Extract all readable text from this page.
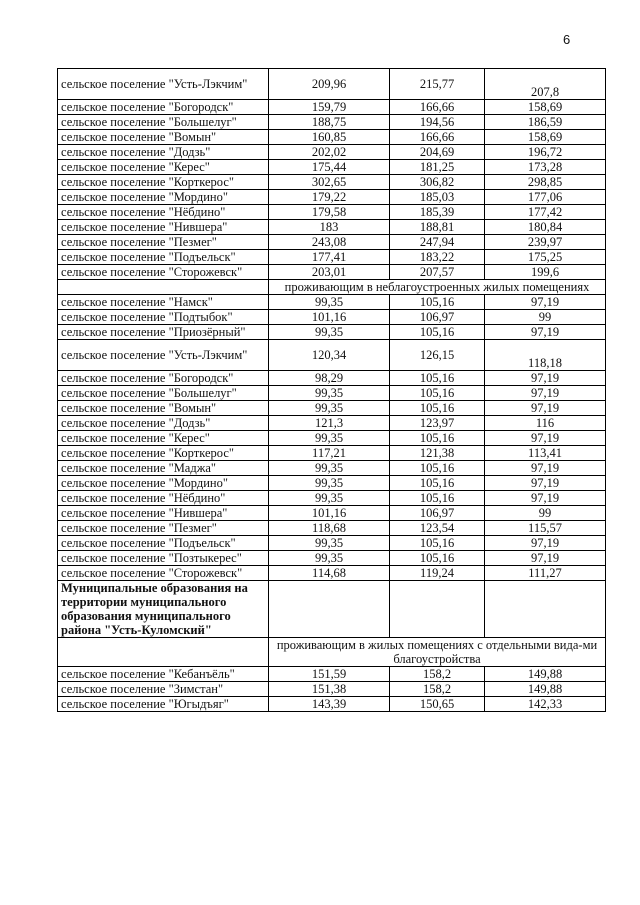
6
сельское поселение "Усть-Лэкчим"	209,96	215,77	207,8
сельское поселение "Богородск"	159,79	166,66	158,69
сельское поселение "Большелуг"	188,75	194,56	186,59
сельское поселение "Вомын"	160,85	166,66	158,69
сельское поселение "Додзь"	202,02	204,69	196,72
сельское поселение "Керес"	175,44	181,25	173,28
сельское поселение "Корткерос"	302,65	306,82	298,85
сельское поселение "Мордино"	179,22	185,03	177,06
сельское поселение "Нёбдино"	179,58	185,39	177,42
сельское поселение "Нившера"	183	188,81	180,84
сельское поселение "Пезмег"	243,08	247,94	239,97
сельское поселение "Подъельск"	177,41	183,22	175,25
сельское поселение "Сторожевск"	203,01	207,57	199,6
	проживающим в неблагоустроенных жилых помещениях		
сельское поселение "Намск"	99,35	105,16	97,19
сельское поселение "Подтыбок"	101,16	106,97	99
сельское поселение "Приозёрный"	99,35	105,16	97,19
сельское поселение "Усть-Лэкчим"	120,34	126,15	118,18
сельское поселение "Богородск"	98,29	105,16	97,19
сельское поселение "Большелуг"	99,35	105,16	97,19
сельское поселение "Вомын"	99,35	105,16	97,19
сельское поселение "Додзь"	121,3	123,97	116
сельское поселение "Керес"	99,35	105,16	97,19
сельское поселение "Корткерос"	117,21	121,38	113,41
сельское поселение "Маджа"	99,35	105,16	97,19
сельское поселение "Мордино"	99,35	105,16	97,19
сельское поселение "Нёбдино"	99,35	105,16	97,19
сельское поселение "Нившера"	101,16	106,97	99
сельское поселение "Пезмег"	118,68	123,54	115,57
сельское поселение "Подъельск"	99,35	105,16	97,19
сельское поселение "Позтыкерес"	99,35	105,16	97,19
сельское поселение "Сторожевск"	114,68	119,24	111,27
Муниципальные образования на территории муниципального образования муниципального района "Усть-Куломский"			
	проживающим в жилых помещениях с отдельными вида-ми благоустройства		
сельское поселение "Кебанъёль"	151,59	158,2	149,88
сельское поселение "Зимстан"	151,38	158,2	149,88
сельское поселение "Югыдъяг"	143,39	150,65	142,33
